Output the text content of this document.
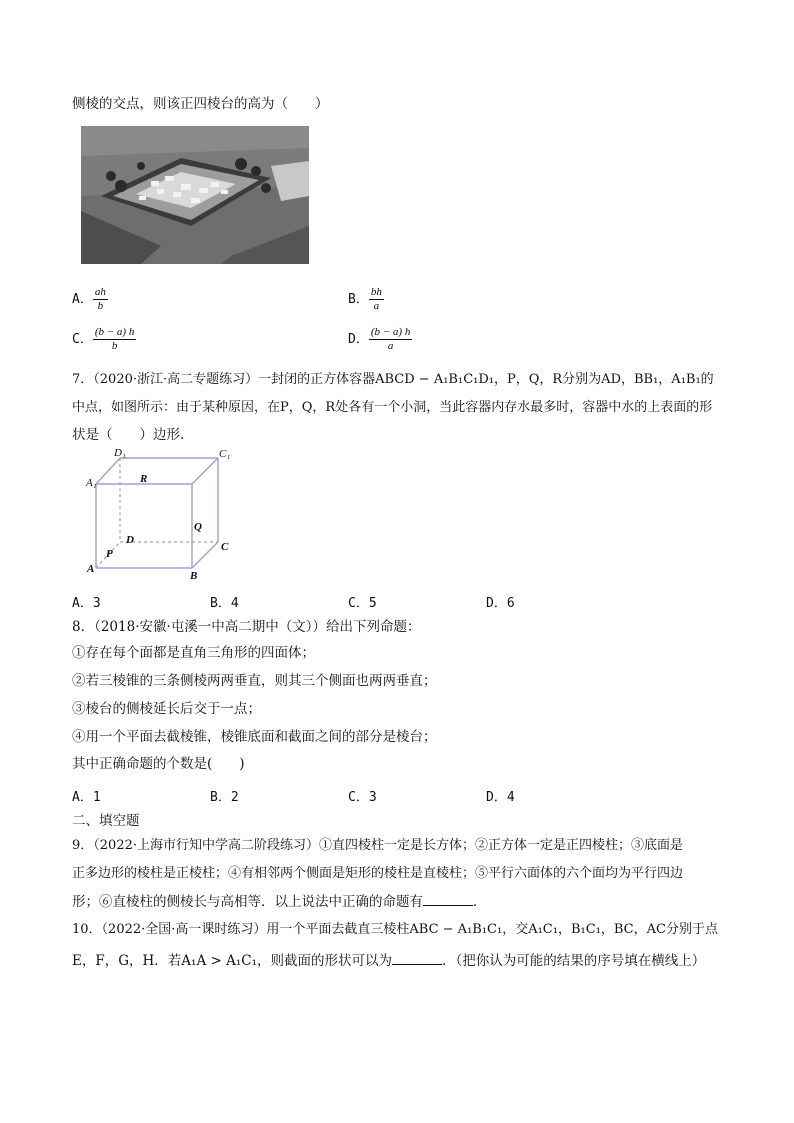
侧棱的交点，则该正四棱台的高为（　　）
A． $\frac{ah}{b}$	B． $\frac{bh}{a}$
C． $\frac{(b - a) h}{b}$	D． $\frac{(b - a) h}{a}$
7．（2020·浙江·高二专题练习）一封闭的正方体容器ABCD − A₁B₁C₁D₁，P，Q，R分别为AD，BB₁，A₁B₁的
中点，如图所示：由于某种原因，在P，Q，R处各有一个小洞，当此容器内存水最多时，容器中水的上表面的形
状是（　　）边形.
D₁	C₁
A₁	R
Q
D
C
P
A
B
A．3	B．4	C．5	D．6
8．（2018·安徽·屯溪一中高二期中（文））给出下列命题：
①存在每个面都是直角三角形的四面体；
②若三棱锥的三条侧棱两两垂直，则其三个侧面也两两垂直；
③棱台的侧棱延长后交于一点；
④用一个平面去截棱锥，棱锥底面和截面之间的部分是棱台；
其中正确命题的个数是(　　)
A．1	B．2	C．3	D．4
二、填空题
9．（2022·上海市行知中学高二阶段练习）①直四棱柱一定是长方体；②正方体一定是正四棱柱；③底面是
正多边形的棱柱是正棱柱；④有相邻两个侧面是矩形的棱柱是直棱柱；⑤平行六面体的六个面均为平行四边
形；⑥直棱柱的侧棱长与高相等．以上说法中正确的命题有	．
10．（2022·全国·高一课时练习）用一个平面去截直三棱柱ABC − A₁B₁C₁，交A₁C₁，B₁C₁，BC，AC分别于点
E，F，G，H．若A₁A > A₁C₁，则截面的形状可以为	．（把你认为可能的结果的序号填在横线上）
